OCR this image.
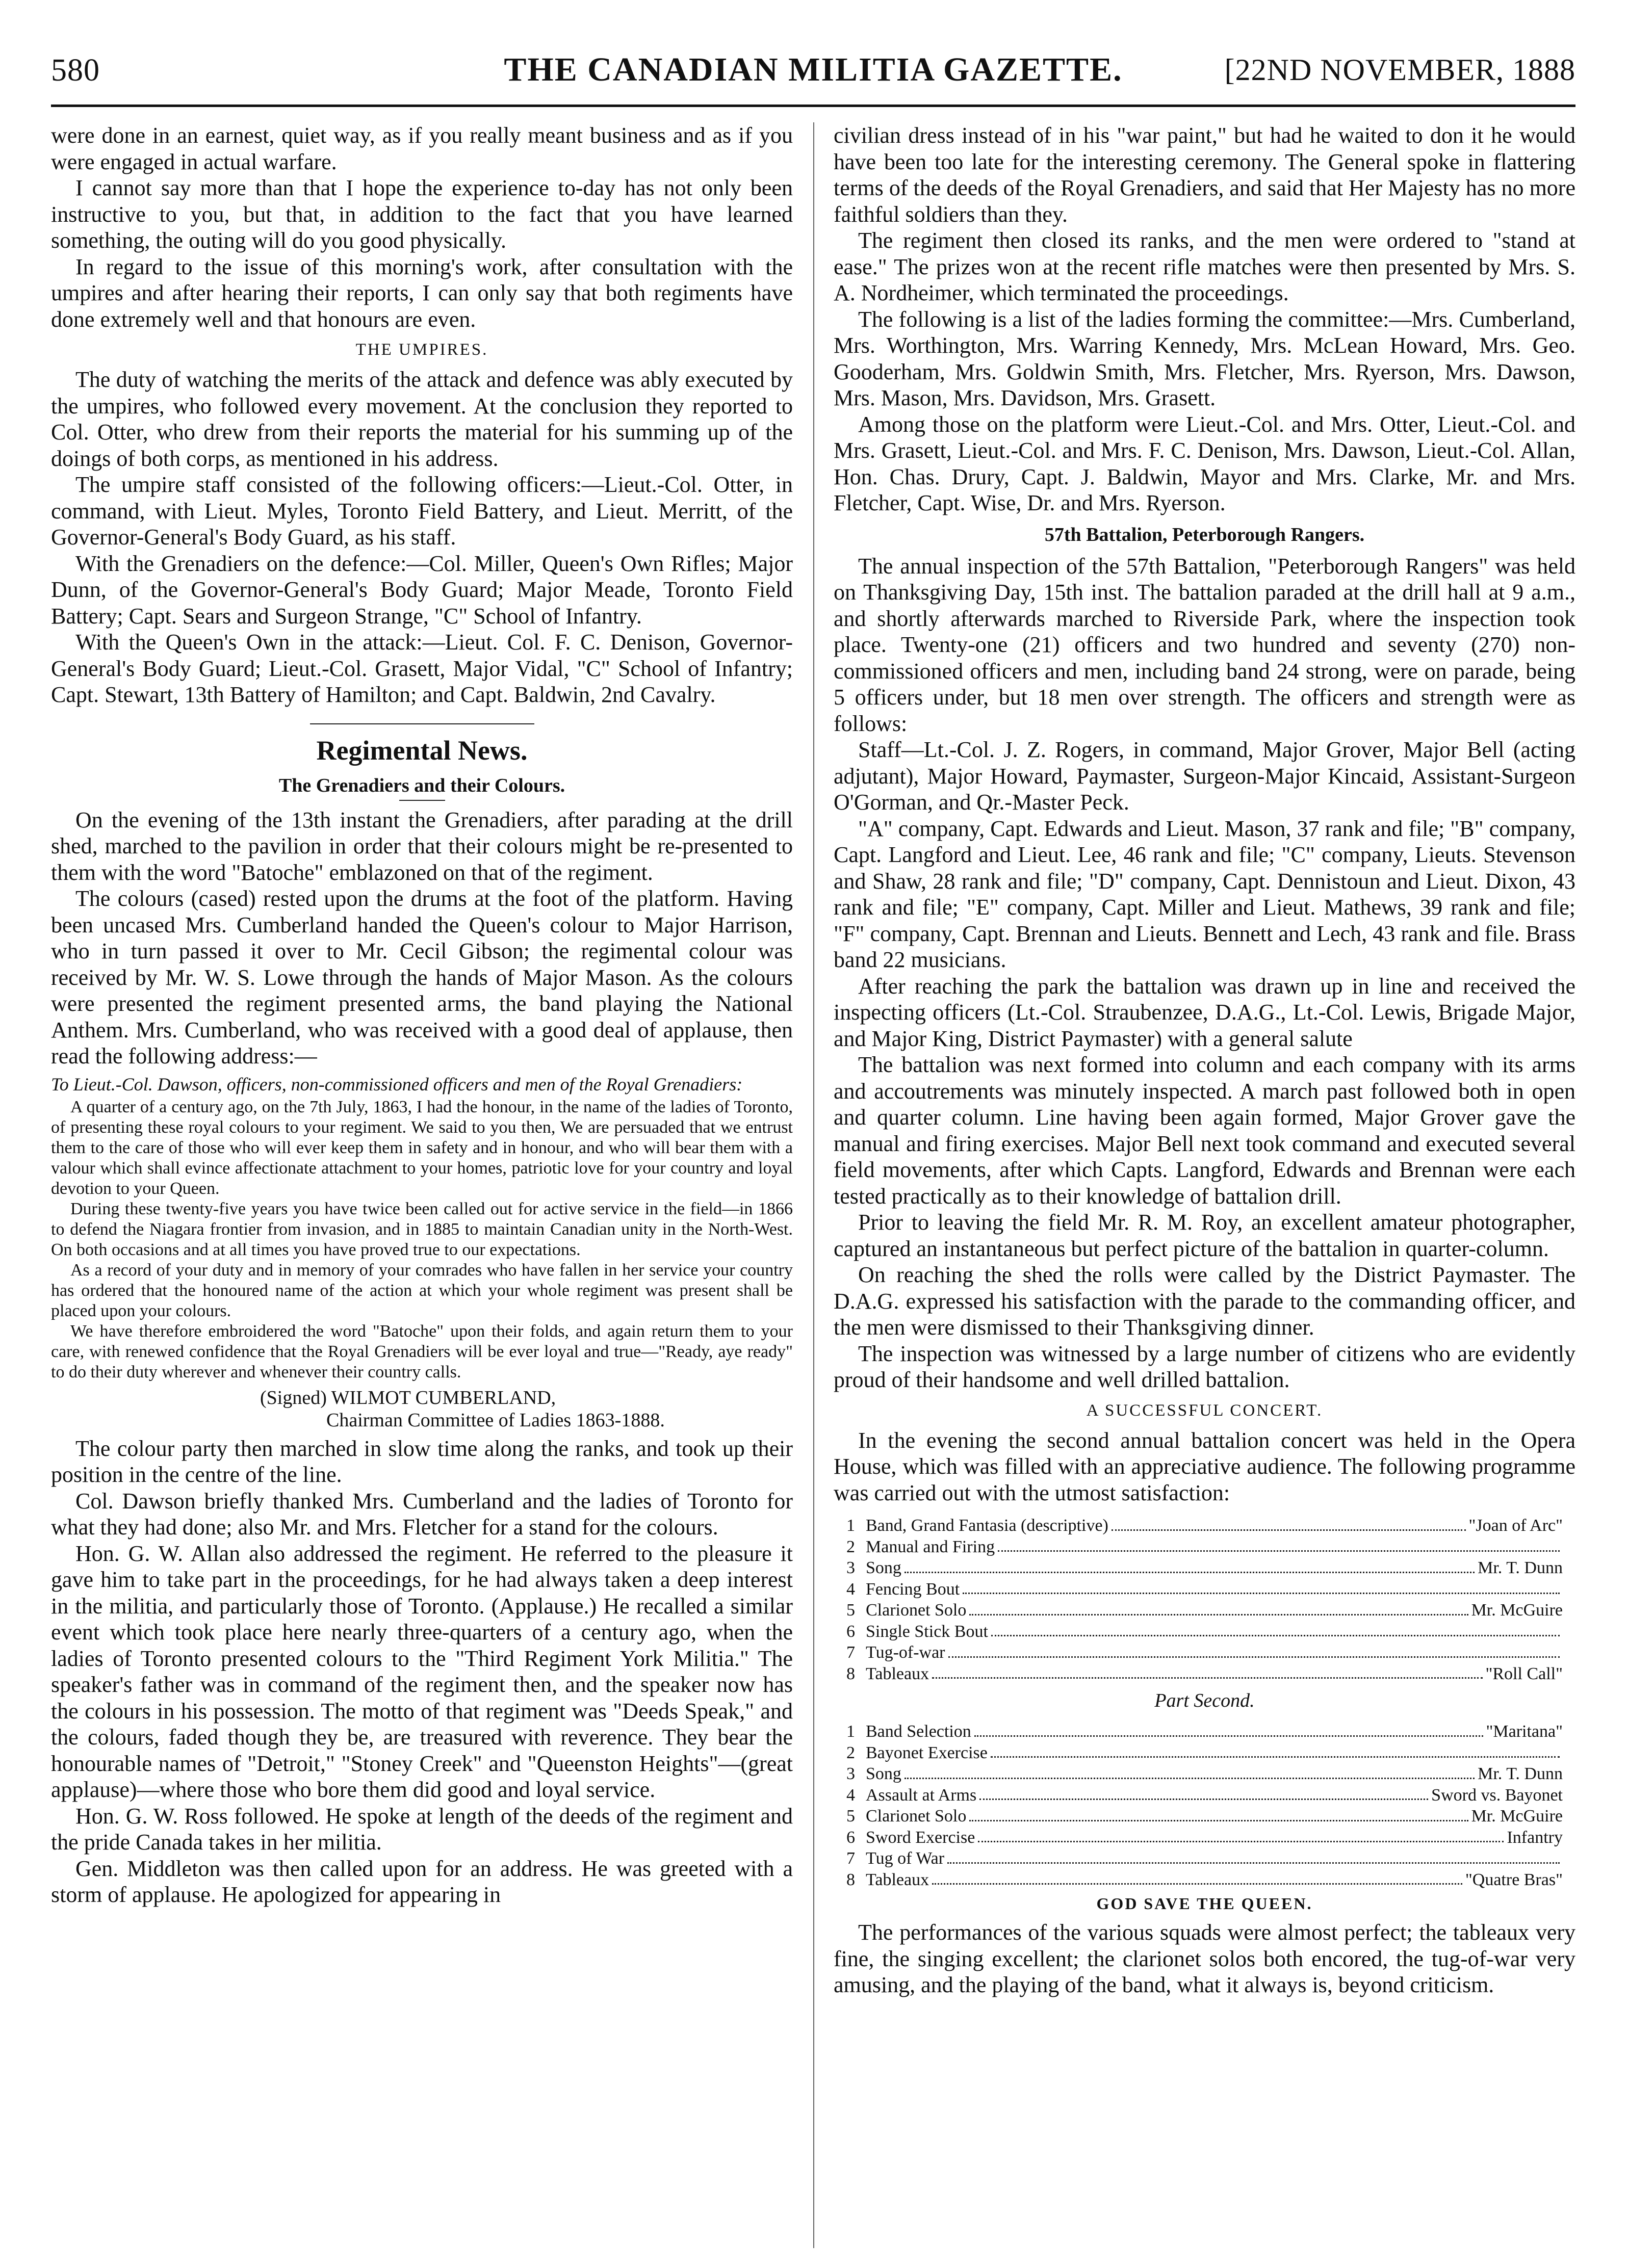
580	THE CANADIAN MILITIA GAZETTE.	[22ND NOVEMBER, 1888

were done in an earnest, quiet way, as if you really meant business and as if you were engaged in actual warfare.

I cannot say more than that I hope the experience to-day has not only been instructive to you, but that, in addition to the fact that you have learned something, the outing will do you good physically.

In regard to the issue of this morning's work, after consultation with the umpires and after hearing their reports, I can only say that both regiments have done extremely well and that honours are even.

THE UMPIRES.

The duty of watching the merits of the attack and defence was ably executed by the umpires, who followed every movement. At the conclusion they reported to Col. Otter, who drew from their reports the material for his summing up of the doings of both corps, as mentioned in his address.

The umpire staff consisted of the following officers:—Lieut.-Col. Otter, in command, with Lieut. Myles, Toronto Field Battery, and Lieut. Merritt, of the Governor-General's Body Guard, as his staff.

With the Grenadiers on the defence:—Col. Miller, Queen's Own Rifles; Major Dunn, of the Governor-General's Body Guard; Major Meade, Toronto Field Battery; Capt. Sears and Surgeon Strange, "C" School of Infantry.

With the Queen's Own in the attack:—Lieut. Col. F. C. Denison, Governor-General's Body Guard; Lieut.-Col. Grasett, Major Vidal, "C" School of Infantry; Capt. Stewart, 13th Battery of Hamilton; and Capt. Baldwin, 2nd Cavalry.

Regimental News.
The Grenadiers and their Colours.

On the evening of the 13th instant the Grenadiers, after parading at the drill shed, marched to the pavilion in order that their colours might be re-presented to them with the word "Batoche" emblazoned on that of the regiment.

The colours (cased) rested upon the drums at the foot of the platform. Having been uncased Mrs. Cumberland handed the Queen's colour to Major Harrison, who in turn passed it over to Mr. Cecil Gibson; the regimental colour was received by Mr. W. S. Lowe through the hands of Major Mason. As the colours were presented the regiment presented arms, the band playing the National Anthem. Mrs. Cumberland, who was received with a good deal of applause, then read the following address:—

To Lieut.-Col. Dawson, officers, non-commissioned officers and men of the Royal Grenadiers:

A quarter of a century ago, on the 7th July, 1863, I had the honour, in the name of the ladies of Toronto, of presenting these royal colours to your regiment. We said to you then, We are persuaded that we entrust them to the care of those who will ever keep them in safety and in honour, and who will bear them with a valour which shall evince affectionate attachment to your homes, patriotic love for your country and loyal devotion to your Queen.

During these twenty-five years you have twice been called out for active service in the field—in 1866 to defend the Niagara frontier from invasion, and in 1885 to maintain Canadian unity in the North-West. On both occasions and at all times you have proved true to our expectations.

As a record of your duty and in memory of your comrades who have fallen in her service your country has ordered that the honoured name of the action at which your whole regiment was present shall be placed upon your colours.

We have therefore embroidered the word "Batoche" upon their folds, and again return them to your care, with renewed confidence that the Royal Grenadiers will be ever loyal and true—"Ready, aye ready" to do their duty wherever and whenever their country calls.

(Signed) WILMOT CUMBERLAND,
Chairman Committee of Ladies 1863-1888.

The colour party then marched in slow time along the ranks, and took up their position in the centre of the line.

Col. Dawson briefly thanked Mrs. Cumberland and the ladies of Toronto for what they had done; also Mr. and Mrs. Fletcher for a stand for the colours.

Hon. G. W. Allan also addressed the regiment. He referred to the pleasure it gave him to take part in the proceedings, for he had always taken a deep interest in the militia, and particularly those of Toronto. (Applause.) He recalled a similar event which took place here nearly three-quarters of a century ago, when the ladies of Toronto presented colours to the "Third Regiment York Militia." The speaker's father was in command of the regiment then, and the speaker now has the colours in his possession. The motto of that regiment was "Deeds Speak," and the colours, faded though they be, are treasured with reverence. They bear the honourable names of "Detroit," "Stoney Creek" and "Queenston Heights"—(great applause)—where those who bore them did good and loyal service.

Hon. G. W. Ross followed. He spoke at length of the deeds of the regiment and the pride Canada takes in her militia.

Gen. Middleton was then called upon for an address. He was greeted with a storm of applause. He apologized for appearing in

civilian dress instead of in his "war paint," but had he waited to don it he would have been too late for the interesting ceremony. The General spoke in flattering terms of the deeds of the Royal Grenadiers, and said that Her Majesty has no more faithful soldiers than they.

The regiment then closed its ranks, and the men were ordered to "stand at ease." The prizes won at the recent rifle matches were then presented by Mrs. S. A. Nordheimer, which terminated the proceedings.

The following is a list of the ladies forming the committee:—Mrs. Cumberland, Mrs. Worthington, Mrs. Warring Kennedy, Mrs. McLean Howard, Mrs. Geo. Gooderham, Mrs. Goldwin Smith, Mrs. Fletcher, Mrs. Ryerson, Mrs. Dawson, Mrs. Mason, Mrs. Davidson, Mrs. Grasett.

Among those on the platform were Lieut.-Col. and Mrs. Otter, Lieut.-Col. and Mrs. Grasett, Lieut.-Col. and Mrs. F. C. Denison, Mrs. Dawson, Lieut.-Col. Allan, Hon. Chas. Drury, Capt. J. Baldwin, Mayor and Mrs. Clarke, Mr. and Mrs. Fletcher, Capt. Wise, Dr. and Mrs. Ryerson.

57th Battalion, Peterborough Rangers.

The annual inspection of the 57th Battalion, "Peterborough Rangers" was held on Thanksgiving Day, 15th inst. The battalion paraded at the drill hall at 9 a.m., and shortly afterwards marched to Riverside Park, where the inspection took place. Twenty-one (21) officers and two hundred and seventy (270) non-commissioned officers and men, including band 24 strong, were on parade, being 5 officers under, but 18 men over strength. The officers and strength were as follows:

Staff—Lt.-Col. J. Z. Rogers, in command, Major Grover, Major Bell (acting adjutant), Major Howard, Paymaster, Surgeon-Major Kincaid, Assistant-Surgeon O'Gorman, and Qr.-Master Peck.

"A" company, Capt. Edwards and Lieut. Mason, 37 rank and file; "B" company, Capt. Langford and Lieut. Lee, 46 rank and file; "C" company, Lieuts. Stevenson and Shaw, 28 rank and file; "D" company, Capt. Dennistoun and Lieut. Dixon, 43 rank and file; "E" company, Capt. Miller and Lieut. Mathews, 39 rank and file; "F" company, Capt. Brennan and Lieuts. Bennett and Lech, 43 rank and file. Brass band 22 musicians.

After reaching the park the battalion was drawn up in line and received the inspecting officers (Lt.-Col. Straubenzee, D.A.G., Lt.-Col. Lewis, Brigade Major, and Major King, District Paymaster) with a general salute

The battalion was next formed into column and each company with its arms and accoutrements was minutely inspected. A march past followed both in open and quarter column. Line having been again formed, Major Grover gave the manual and firing exercises. Major Bell next took command and executed several field movements, after which Capts. Langford, Edwards and Brennan were each tested practically as to their knowledge of battalion drill.

Prior to leaving the field Mr. R. M. Roy, an excellent amateur photographer, captured an instantaneous but perfect picture of the battalion in quarter-column.

On reaching the shed the rolls were called by the District Paymaster. The D.A.G. expressed his satisfaction with the parade to the commanding officer, and the men were dismissed to their Thanksgiving dinner.

The inspection was witnessed by a large number of citizens who are evidently proud of their handsome and well drilled battalion.

A SUCCESSFUL CONCERT.

In the evening the second annual battalion concert was held in the Opera House, which was filled with an appreciative audience. The following programme was carried out with the utmost satisfaction:

1 Band, Grand Fantasia (descriptive)	"Joan of Arc"
2 Manual and Firing
3 Song	Mr. T. Dunn
4 Fencing Bout
5 Clarionet Solo	Mr. McGuire
6 Single Stick Bout
7 Tug-of-war
8 Tableaux	"Roll Call"
Part Second.
1 Band Selection	"Maritana"
2 Bayonet Exercise
3 Song	Mr. T. Dunn
4 Assault at Arms	Sword vs. Bayonet
5 Clarionet Solo	Mr. McGuire
6 Sword Exercise	Infantry
7 Tug of War
8 Tableaux	"Quatre Bras"
GOD SAVE THE QUEEN.

The performances of the various squads were almost perfect; the tableaux very fine, the singing excellent; the clarionet solos both encored, the tug-of-war very amusing, and the playing of the band, what it always is, beyond criticism.
